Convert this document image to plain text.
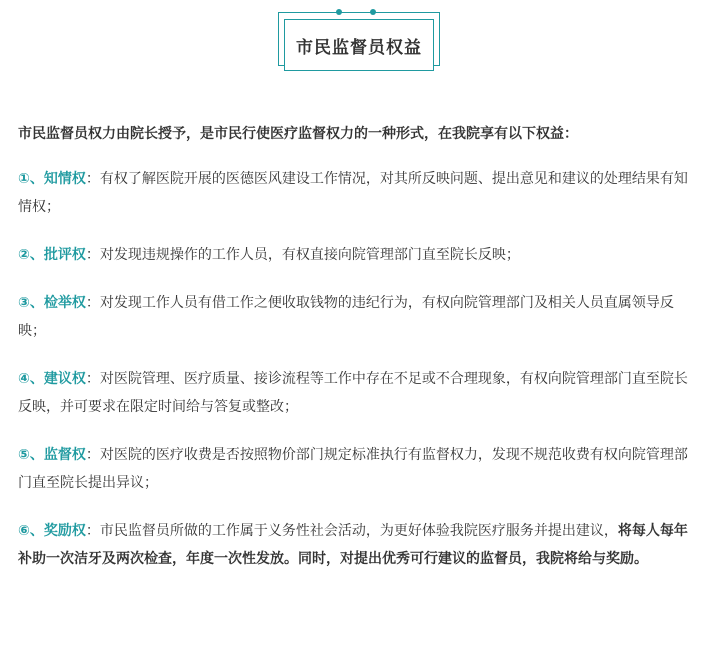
市民监督员权益

市民监督员权力由院长授予，是市民行使医疗监督权力的一种形式，在我院享有以下权益：

①、知情权：有权了解医院开展的医德医风建设工作情况，对其所反映问题、提出意见和建议的处理结果有知情权；

②、批评权：对发现违规操作的工作人员，有权直接向院管理部门直至院长反映；

③、检举权：对发现工作人员有借工作之便收取钱物的违纪行为，有权向院管理部门及相关人员直属领导反映；

④、建议权：对医院管理、医疗质量、接诊流程等工作中存在不足或不合理现象，有权向院管理部门直至院长反映，并可要求在限定时间给与答复或整改；

⑤、监督权：对医院的医疗收费是否按照物价部门规定标准执行有监督权力，发现不规范收费有权向院管理部门直至院长提出异议；

⑥、奖励权：市民监督员所做的工作属于义务性社会活动，为更好体验我院医疗服务并提出建议，将每人每年补助一次洁牙及两次检查，年度一次性发放。同时，对提出优秀可行建议的监督员，我院将给与奖励。
